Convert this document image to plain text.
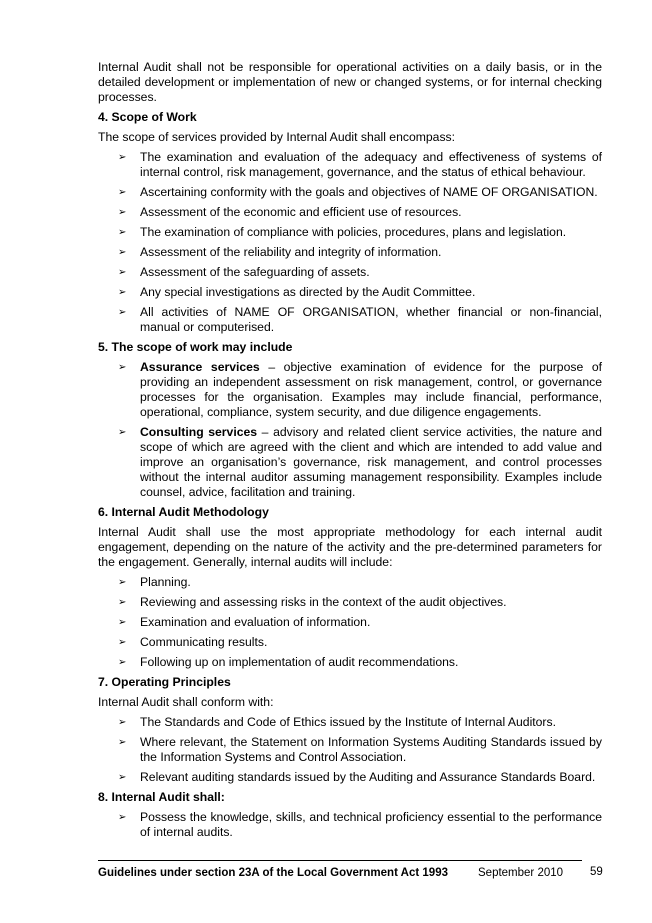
Internal Audit shall not be responsible for operational activities on a daily basis, or in the detailed development or implementation of new or changed systems, or for internal checking processes.

4. Scope of Work

The scope of services provided by Internal Audit shall encompass:

➢ The examination and evaluation of the adequacy and effectiveness of systems of internal control, risk management, governance, and the status of ethical behaviour.
➢ Ascertaining conformity with the goals and objectives of NAME OF ORGANISATION.
➢ Assessment of the economic and efficient use of resources.
➢ The examination of compliance with policies, procedures, plans and legislation.
➢ Assessment of the reliability and integrity of information.
➢ Assessment of the safeguarding of assets.
➢ Any special investigations as directed by the Audit Committee.
➢ All activities of NAME OF ORGANISATION, whether financial or non-financial, manual or computerised.
5. The scope of work may include
➢ Assurance services – objective examination of evidence for the purpose of providing an independent assessment on risk management, control, or governance processes for the organisation. Examples may include financial, performance, operational, compliance, system security, and due diligence engagements.
➢ Consulting services – advisory and related client service activities, the nature and scope of which are agreed with the client and which are intended to add value and improve an organisation’s governance, risk management, and control processes without the internal auditor assuming management responsibility. Examples include counsel, advice, facilitation and training.
6. Internal Audit Methodology

Internal Audit shall use the most appropriate methodology for each internal audit engagement, depending on the nature of the activity and the pre-determined parameters for the engagement. Generally, internal audits will include:

➢ Planning.
➢ Reviewing and assessing risks in the context of the audit objectives.
➢ Examination and evaluation of information.
➢ Communicating results.
➢ Following up on implementation of audit recommendations.
7. Operating Principles

Internal Audit shall conform with:

➢ The Standards and Code of Ethics issued by the Institute of Internal Auditors.
➢ Where relevant, the Statement on Information Systems Auditing Standards issued by the Information Systems and Control Association.
➢ Relevant auditing standards issued by the Auditing and Assurance Standards Board.
8. Internal Audit shall:
➢ Possess the knowledge, skills, and technical proficiency essential to the performance of internal audits.
Guidelines under section 23A of the Local Government Act 1993	September 2010 59
